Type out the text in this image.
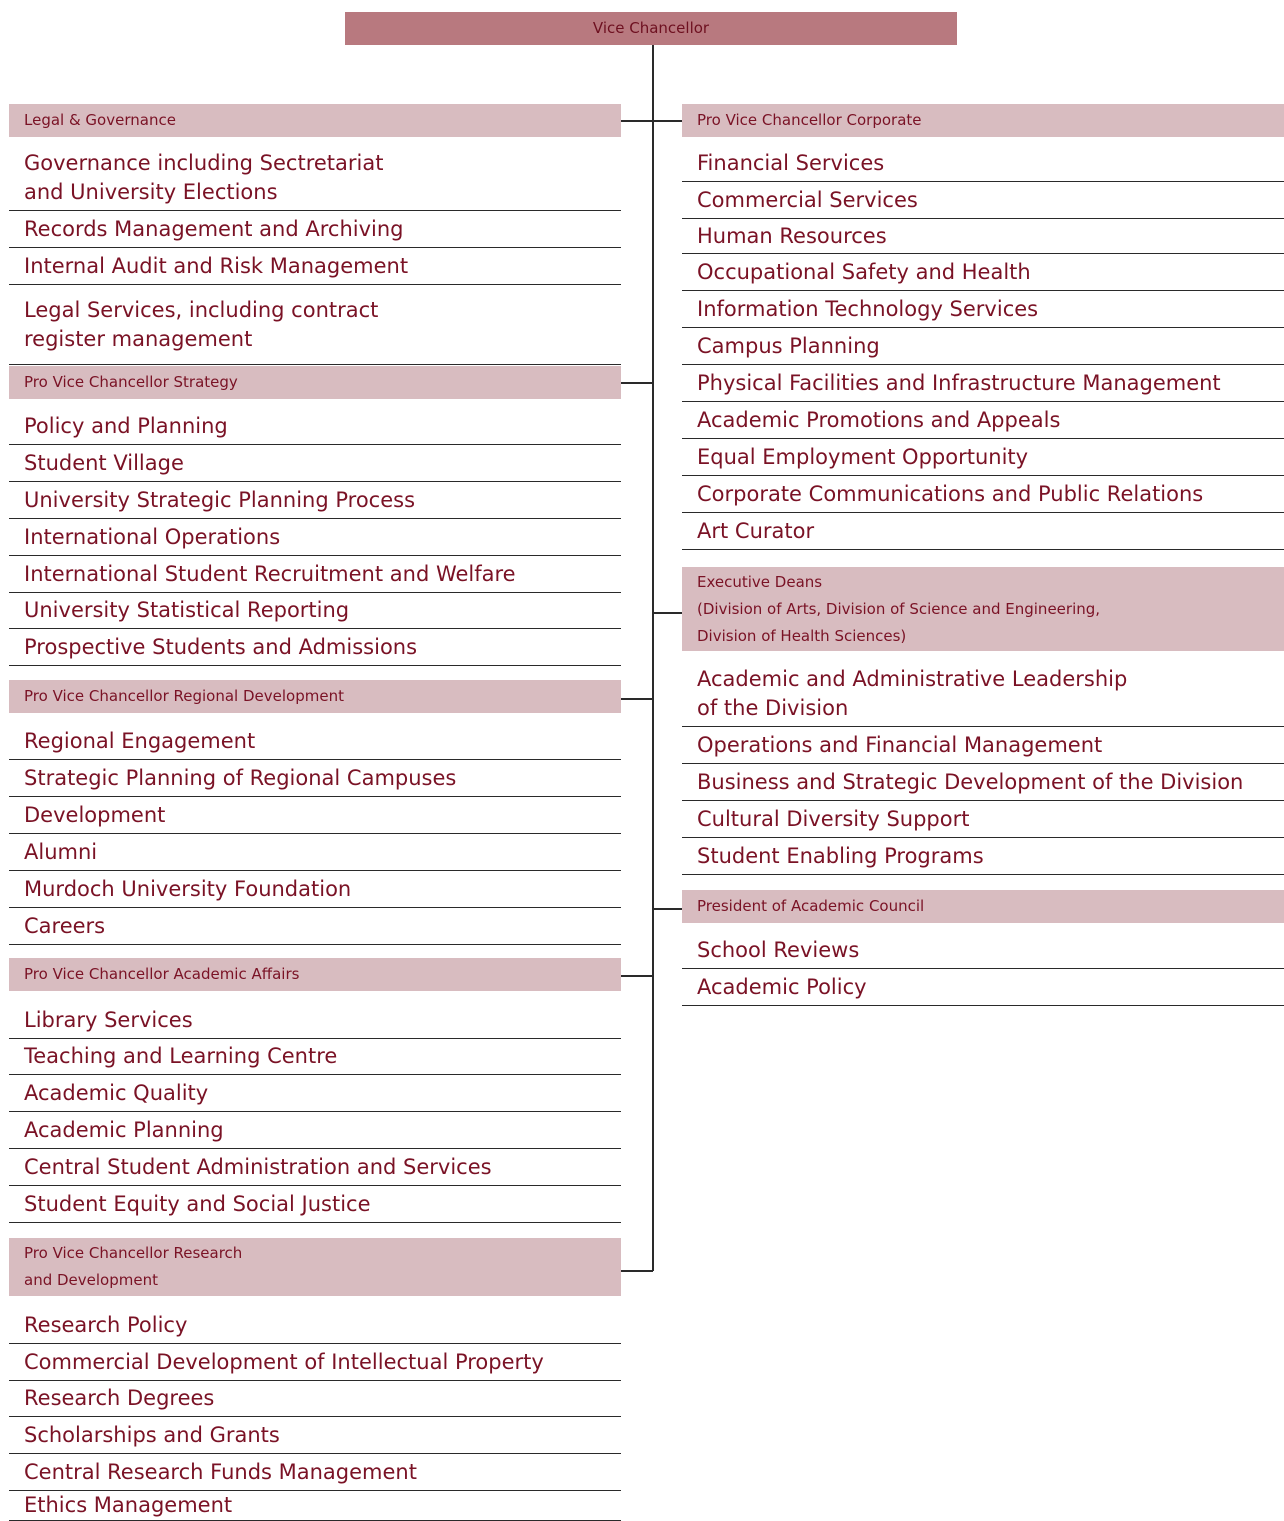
Vice Chancellor
Legal & Governance
Governance including Sectretariat
and University Elections
Records Management and Archiving
Internal Audit and Risk Management
Legal Services, including contract
register management
Pro Vice Chancellor Strategy
Policy and Planning
Student Village
University Strategic Planning Process
International Operations
International Student Recruitment and Welfare
University Statistical Reporting
Prospective Students and Admissions
Pro Vice Chancellor Regional Development
Regional Engagement
Strategic Planning of Regional Campuses
Development
Alumni
Murdoch University Foundation
Careers
Pro Vice Chancellor Academic Affairs
Library Services
Teaching and Learning Centre
Academic Quality
Academic Planning
Central Student Administration and Services
Student Equity and Social Justice
Pro Vice Chancellor Research
and Development
Research Policy
Commercial Development of Intellectual Property
Research Degrees
Scholarships and Grants
Central Research Funds Management
Ethics Management
Pro Vice Chancellor Corporate
Financial Services
Commercial Services
Human Resources
Occupational Safety and Health
Information Technology Services
Campus Planning
Physical Facilities and Infrastructure Management
Academic Promotions and Appeals
Equal Employment Opportunity
Corporate Communications and Public Relations
Art Curator
Executive Deans
(Division of Arts, Division of Science and Engineering,
Division of Health Sciences)
Academic and Administrative Leadership
of the Division
Operations and Financial Management
Business and Strategic Development of the Division
Cultural Diversity Support
Student Enabling Programs
President of Academic Council
School Reviews
Academic Policy
